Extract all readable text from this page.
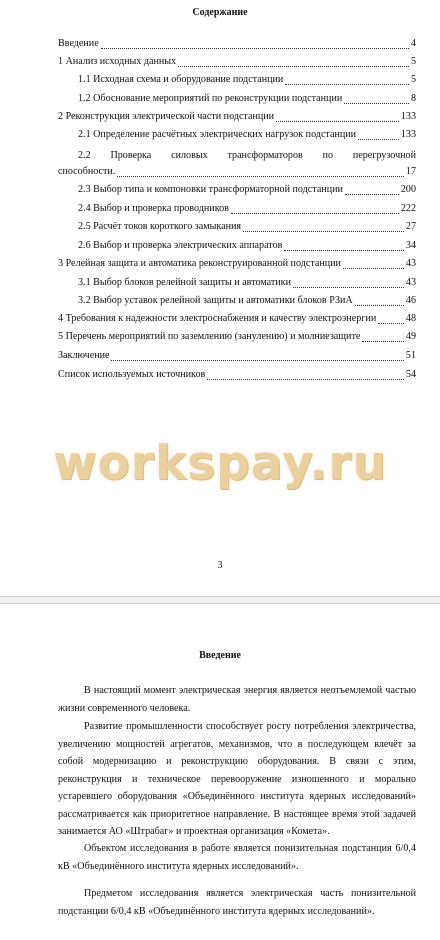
Содержание
Введение	4
1 Анализ исходных данных	5
1.1 Исходная схема и оборудование подстанции	5
1.2 Обоснование мероприятий по реконструкции подстанции	8
2 Реконструкция электрической части подстанции	133
2.1 Определение расчётных электрических нагрузок подстанции	133
2.2 Проверка силовых трансформаторов по перегрузочной
способности.	17
2.3 Выбор типа и компоновки трансформаторной подстанции	200
2.4 Выбор и проверка проводников	222
2.5 Расчёт токов короткого замыкания	27
2.6 Выбор и проверка электрических аппаратов	34
3 Релейная защита и автоматика реконструированной подстанции	43
3.1 Выбор блоков релейной защиты и автоматики	43
3.2 Выбор уставок релейной защиты и автоматики блоков РЗиА	46
4 Требования к надежности электроснабжения и качеству электроэнергии	48
5 Перечень мероприятий по заземлению (занулению) и молниезащите	49
Заключение	51
Список используемых источников	54
workspay.ru
3
Введение

В настоящий момент электрическая энергия является неотъемлемой частью жизни современного человека.

Развитие промышленности способствует росту потребления электричества, увеличению мощностей агрегатов, механизмов, что в последующем влечёт за собой модернизацию и реконструкцию оборудования. В связи с этим, реконструкция и техническое перевооружение изношенного и морально устаревшего оборудования «Объединённого института ядерных исследований» рассматривается как приоритетное направление. В настоящее время этой задачей занимается АО «Штрабаг» и проектная организация «Комета».

Объектом исследования в работе является понизительная подстанция 6/0,4 кВ «Объединённого института ядерных исследований».

Предметом исследования является электрическая часть понизительной подстанции 6/0,4 кВ «Объединённого института ядерных исследований».
